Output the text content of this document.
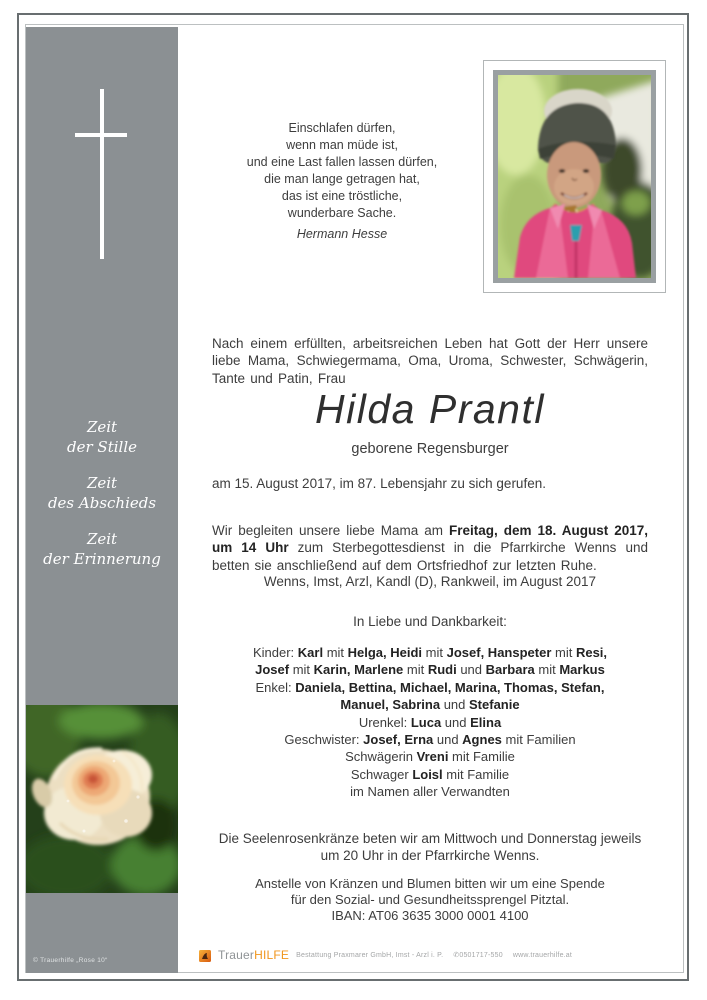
Zeit
der Stille
Zeit
des Abschieds
Zeit
der Erinnerung
© Trauerhilfe „Rose 10“
Einschlafen dürfen,
wenn man müde ist,
und eine Last fallen lassen dürfen,
die man lange getragen hat,
das ist eine tröstliche,
wunderbare Sache.
Hermann Hesse

Nach einem erfüllten, arbeitsreichen Leben hat Gott der Herr unsere liebe Mama, Schwiegermama, Oma, Uroma, Schwester, Schwägerin, Tante und Patin, Frau

Hilda Prantl
geborene Regensburger
am 15. August 2017, im 87. Lebensjahr zu sich gerufen.

Wir begleiten unsere liebe Mama am Freitag, dem 18. August 2017, um 14 Uhr zum Sterbegottesdienst in die Pfarrkirche Wenns und betten sie anschließend auf dem Ortsfriedhof zur letzten Ruhe.

Wenns, Imst, Arzl, Kandl (D), Rankweil, im August 2017
In Liebe und Dankbarkeit:
Kinder: Karl mit Helga, Heidi mit Josef, Hanspeter mit Resi,
Josef mit Karin, Marlene mit Rudi und Barbara mit Markus
Enkel: Daniela, Bettina, Michael, Marina, Thomas, Stefan,
Manuel, Sabrina und Stefanie
Urenkel: Luca und Elina
Geschwister: Josef, Erna und Agnes mit Familien
Schwägerin Vreni mit Familie
Schwager Loisl mit Familie
im Namen aller Verwandten

Die Seelenrosenkränze beten wir am Mittwoch und Donnerstag jeweils um 20 Uhr in der Pfarrkirche Wenns.

Anstelle von Kränzen und Blumen bitten wir um eine Spende
für den Sozial- und Gesundheitssprengel Pitztal.
IBAN: AT06 3635 3000 0001 4100
TrauerHILFE Bestattung Praxmarer GmbH, Imst - Arzl i. P. ✆0501717-550 www.trauerhilfe.at
